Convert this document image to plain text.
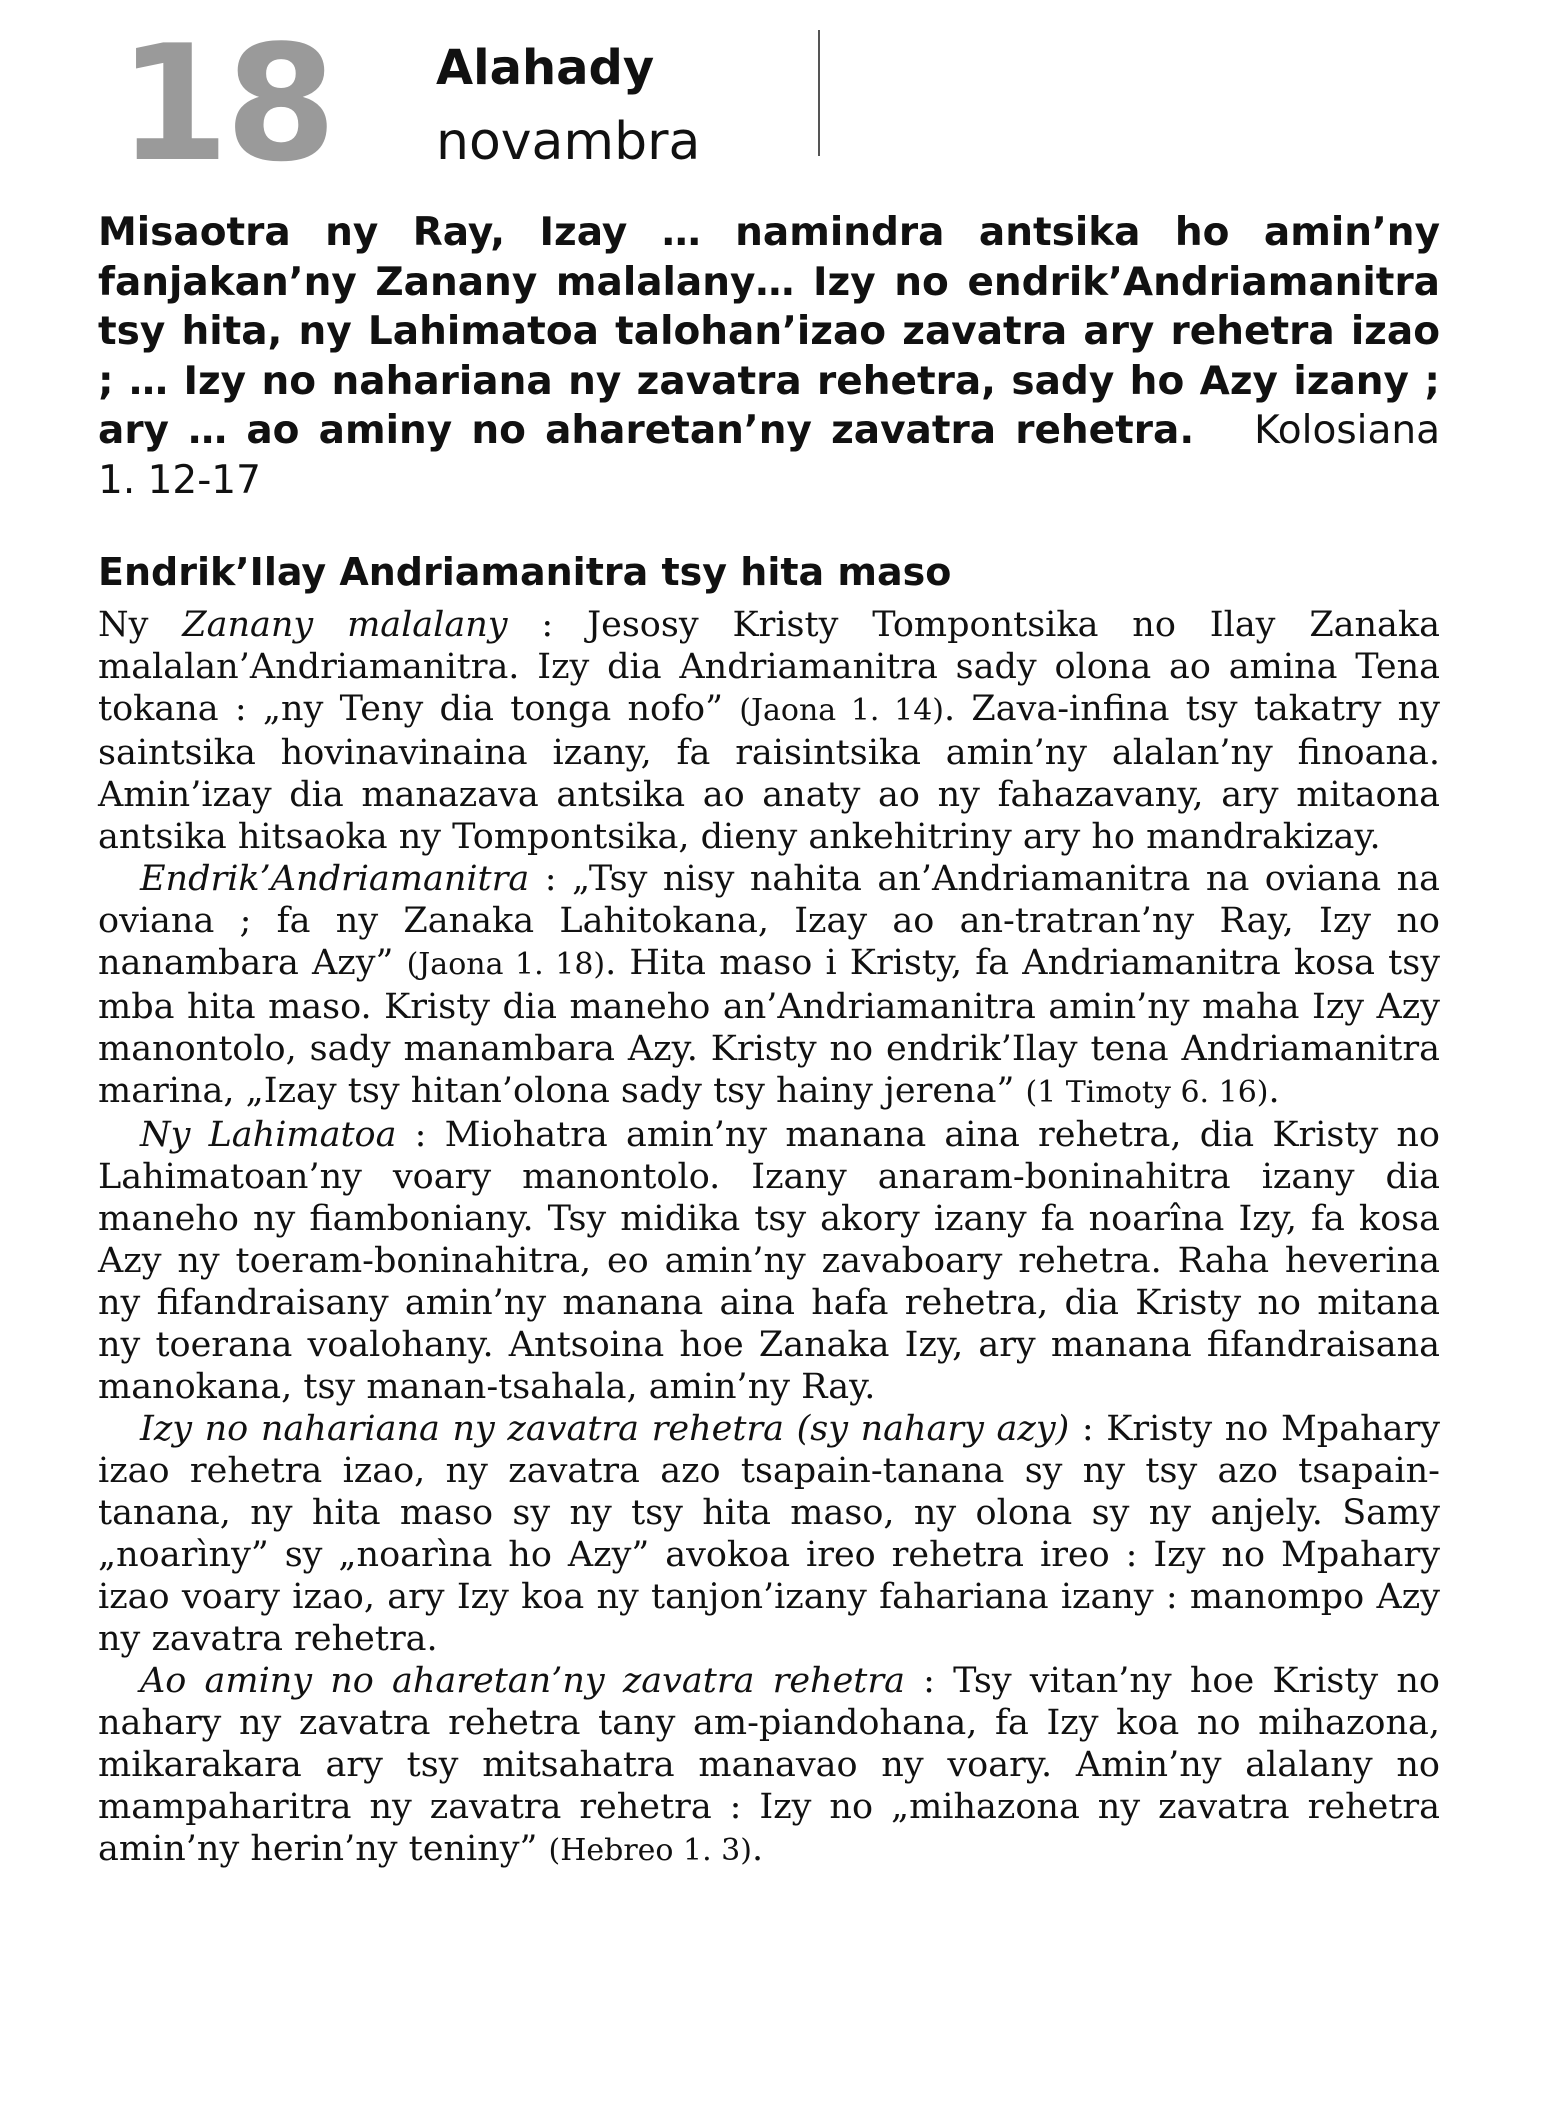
18 Alahady
novambra
Misaotra ny Ray, Izay … namindra antsika ho amin’ny fanjakan’ny Zanany malalany… Izy no endrik’Andriamanitra tsy hita, ny Lahimatoa talohan’izao zavatra ary rehetra izao ; … Izy no nahariana ny zavatra rehetra, sady ho Azy izany ; ary … ao aminy no aharetan’ny zavatra rehetra. Kolosiana 1. 12-17
Endrik’Ilay Andriamanitra tsy hita maso

Ny Zanany malalany : Jesosy Kristy Tompontsika no Ilay Zanaka malalan’Andriamanitra. Izy dia Andriamanitra sady olona ao amina Tena tokana : „ny Teny dia tonga nofo” (Jaona 1. 14). Zava-infina tsy takatry ny saintsika hovinavinaina izany, fa raisintsika amin’ny alalan’ny finoana. Amin’izay dia manazava antsika ao anaty ao ny fahazavany, ary mitaona antsika hitsaoka ny Tompontsika, dieny ankehitriny ary ho mandrakizay.

Endrik’Andriamanitra : „Tsy nisy nahita an’Andriamanitra na oviana na oviana ; fa ny Zanaka Lahitokana, Izay ao an-tratran’ny Ray, Izy no nanambara Azy” (Jaona 1. 18). Hita maso i Kristy, fa Andriamanitra kosa tsy mba hita maso. Kristy dia maneho an’Andriamanitra amin’ny maha Izy Azy manontolo, sady manambara Azy. Kristy no endrik’Ilay tena Andriamanitra marina, „Izay tsy hitan’olona sady tsy hainy jerena” (1 Timoty 6. 16).

Ny Lahimatoa : Miohatra amin’ny manana aina rehetra, dia Kristy no Lahimatoan’ny voary manontolo. Izany anaram-boninahitra izany dia maneho ny fiamboniany. Tsy midika tsy akory izany fa noarîna Izy, fa kosa Azy ny toeram-boninahitra, eo amin’ny zavaboary rehetra. Raha heverina ny fifandraisany amin’ny manana aina hafa rehetra, dia Kristy no mitana ny toerana voalohany. Antsoina hoe Zanaka Izy, ary manana fifandraisana manokana, tsy manan-tsahala, amin’ny Ray.

Izy no nahariana ny zavatra rehetra (sy nahary azy) : Kristy no Mpahary izao rehetra izao, ny zavatra azo tsapain-tanana sy ny tsy azo tsapain-tanana, ny hita maso sy ny tsy hita maso, ny olona sy ny anjely. Samy „noarìny” sy „noarìna ho Azy” avokoa ireo rehetra ireo : Izy no Mpahary izao voary izao, ary Izy koa ny tanjon’izany fahariana izany : manompo Azy ny zavatra rehetra.

Ao aminy no aharetan’ny zavatra rehetra : Tsy vitan’ny hoe Kristy no nahary ny zavatra rehetra tany am-piandohana, fa Izy koa no mihazona, mikarakara ary tsy mitsahatra manavao ny voary. Amin’ny alalany no mampaharitra ny zavatra rehetra : Izy no „mihazona ny zavatra rehetra amin’ny herin’ny teniny” (Hebreo 1. 3).
